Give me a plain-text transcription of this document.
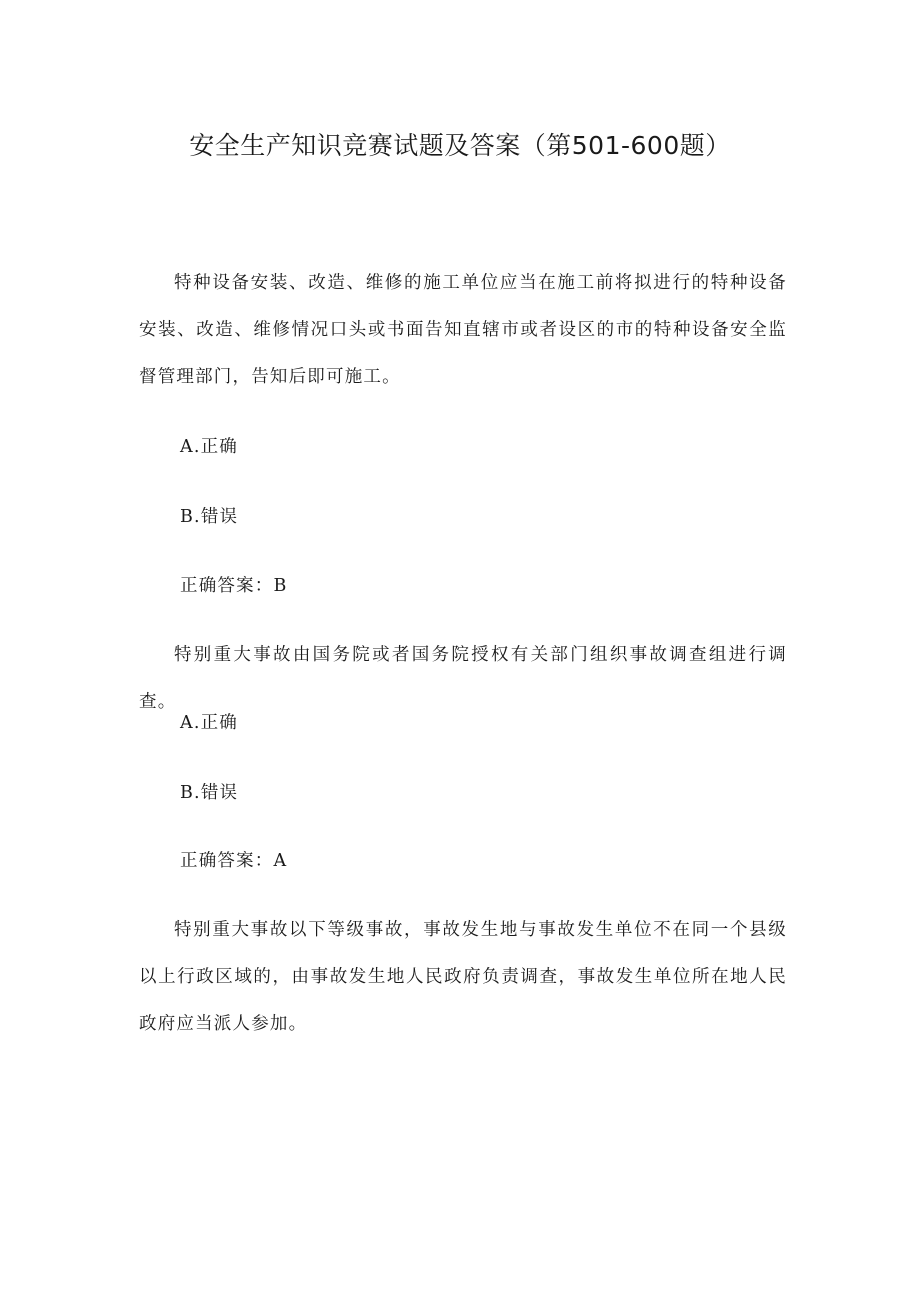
安全生产知识竞赛试题及答案（第501-600题）
特种设备安装、改造、维修的施工单位应当在施工前将拟进行的特种设备安装、改造、维修情况口头或书面告知直辖市或者设区的市的特种设备安全监督管理部门，告知后即可施工。
A.正确
B.错误
正确答案：B
特别重大事故由国务院或者国务院授权有关部门组织事故调查组进行调查。
A.正确
B.错误
正确答案：A
特别重大事故以下等级事故，事故发生地与事故发生单位不在同一个县级以上行政区域的，由事故发生地人民政府负责调查，事故发生单位所在地人民政府应当派人参加。
